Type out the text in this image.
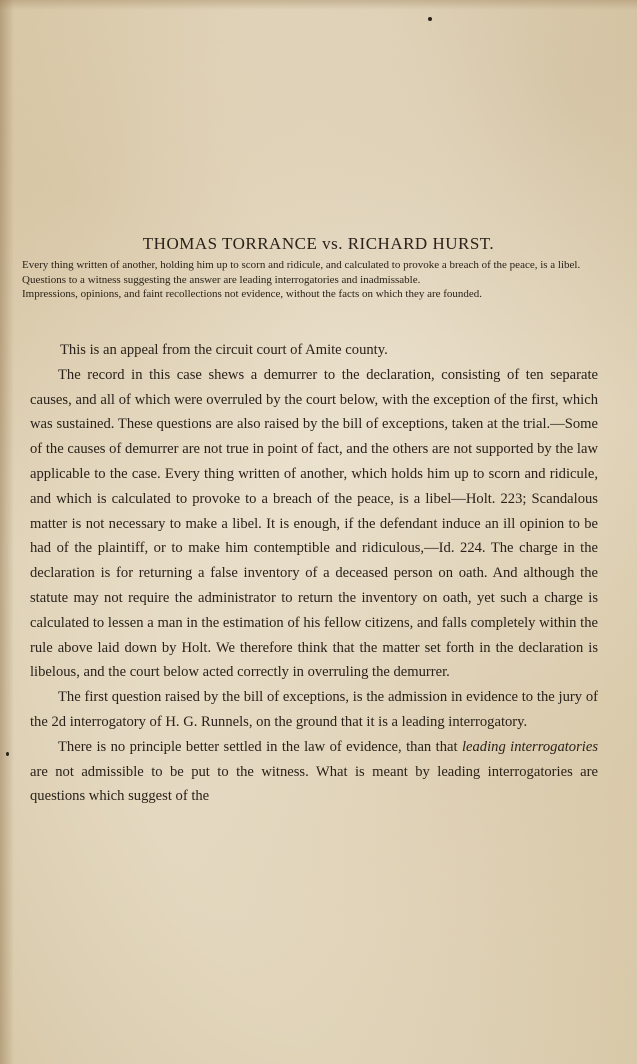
THOMAS TORRANCE vs. RICHARD HURST.

Every thing written of another, holding him up to scorn and ridicule, and calculated to provoke a breach of the peace, is a libel.

Questions to a witness suggesting the answer are leading interrogatories and inadmissable.

Impressions, opinions, and faint recollections not evidence, without the facts on which they are founded.

This is an appeal from the circuit court of Amite county.

The record in this case shews a demurrer to the declaration, consisting of ten separate causes, and all of which were overruled by the court below, with the exception of the first, which was sustained. These questions are also raised by the bill of exceptions, taken at the trial.—Some of the causes of demurrer are not true in point of fact, and the others are not supported by the law applicable to the case. Every thing written of another, which holds him up to scorn and ridicule, and which is calculated to provoke to a breach of the peace, is a libel—Holt. 223; Scandalous matter is not necessary to make a libel. It is enough, if the defendant induce an ill opinion to be had of the plaintiff, or to make him contemptible and ridiculous,—Id. 224. The charge in the declaration is for returning a false inventory of a deceased person on oath. And although the statute may not require the administrator to return the inventory on oath, yet such a charge is calculated to lessen a man in the estimation of his fellow citizens, and falls completely within the rule above laid down by Holt. We therefore think that the matter set forth in the declaration is libelous, and the court below acted correctly in overruling the demurrer.

The first question raised by the bill of exceptions, is the admission in evidence to the jury of the 2d interrogatory of H. G. Runnels, on the ground that it is a leading interrogatory.

There is no principle better settled in the law of evidence, than that leading interrogatories are not admissible to be put to the witness. What is meant by leading interrogatories are questions which suggest of the
